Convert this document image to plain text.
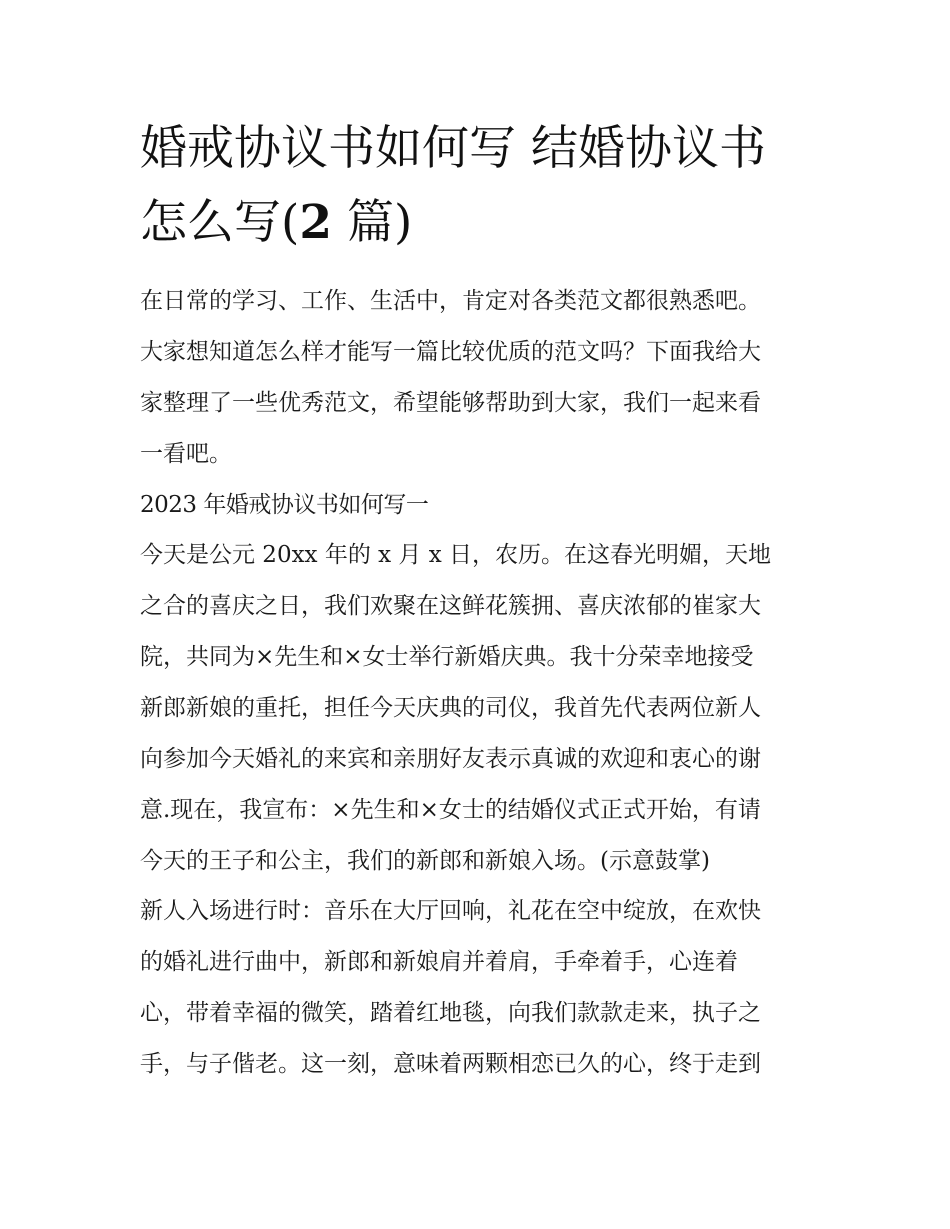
婚戒协议书如何写 结婚协议书
怎么写(2 篇)
在日常的学习、工作、生活中，肯定对各类范文都很熟悉吧。
大家想知道怎么样才能写一篇比较优质的范文吗？下面我给大
家整理了一些优秀范文，希望能够帮助到大家，我们一起来看
一看吧。
2023 年婚戒协议书如何写一
今天是公元 20xx 年的 x 月 x 日，农历。在这春光明媚，天地
之合的喜庆之日，我们欢聚在这鲜花簇拥、喜庆浓郁的崔家大
院，共同为×先生和×女士举行新婚庆典。我十分荣幸地接受
新郎新娘的重托，担任今天庆典的司仪，我首先代表两位新人
向参加今天婚礼的来宾和亲朋好友表示真诚的欢迎和衷心的谢
意.现在，我宣布：×先生和×女士的结婚仪式正式开始，有请
今天的王子和公主，我们的新郎和新娘入场。(示意鼓掌)
新人入场进行时：音乐在大厅回响，礼花在空中绽放，在欢快
的婚礼进行曲中，新郎和新娘肩并着肩，手牵着手，心连着
心，带着幸福的微笑，踏着红地毯，向我们款款走来，执子之
手，与子偕老。这一刻，意味着两颗相恋已久的心，终于走到
